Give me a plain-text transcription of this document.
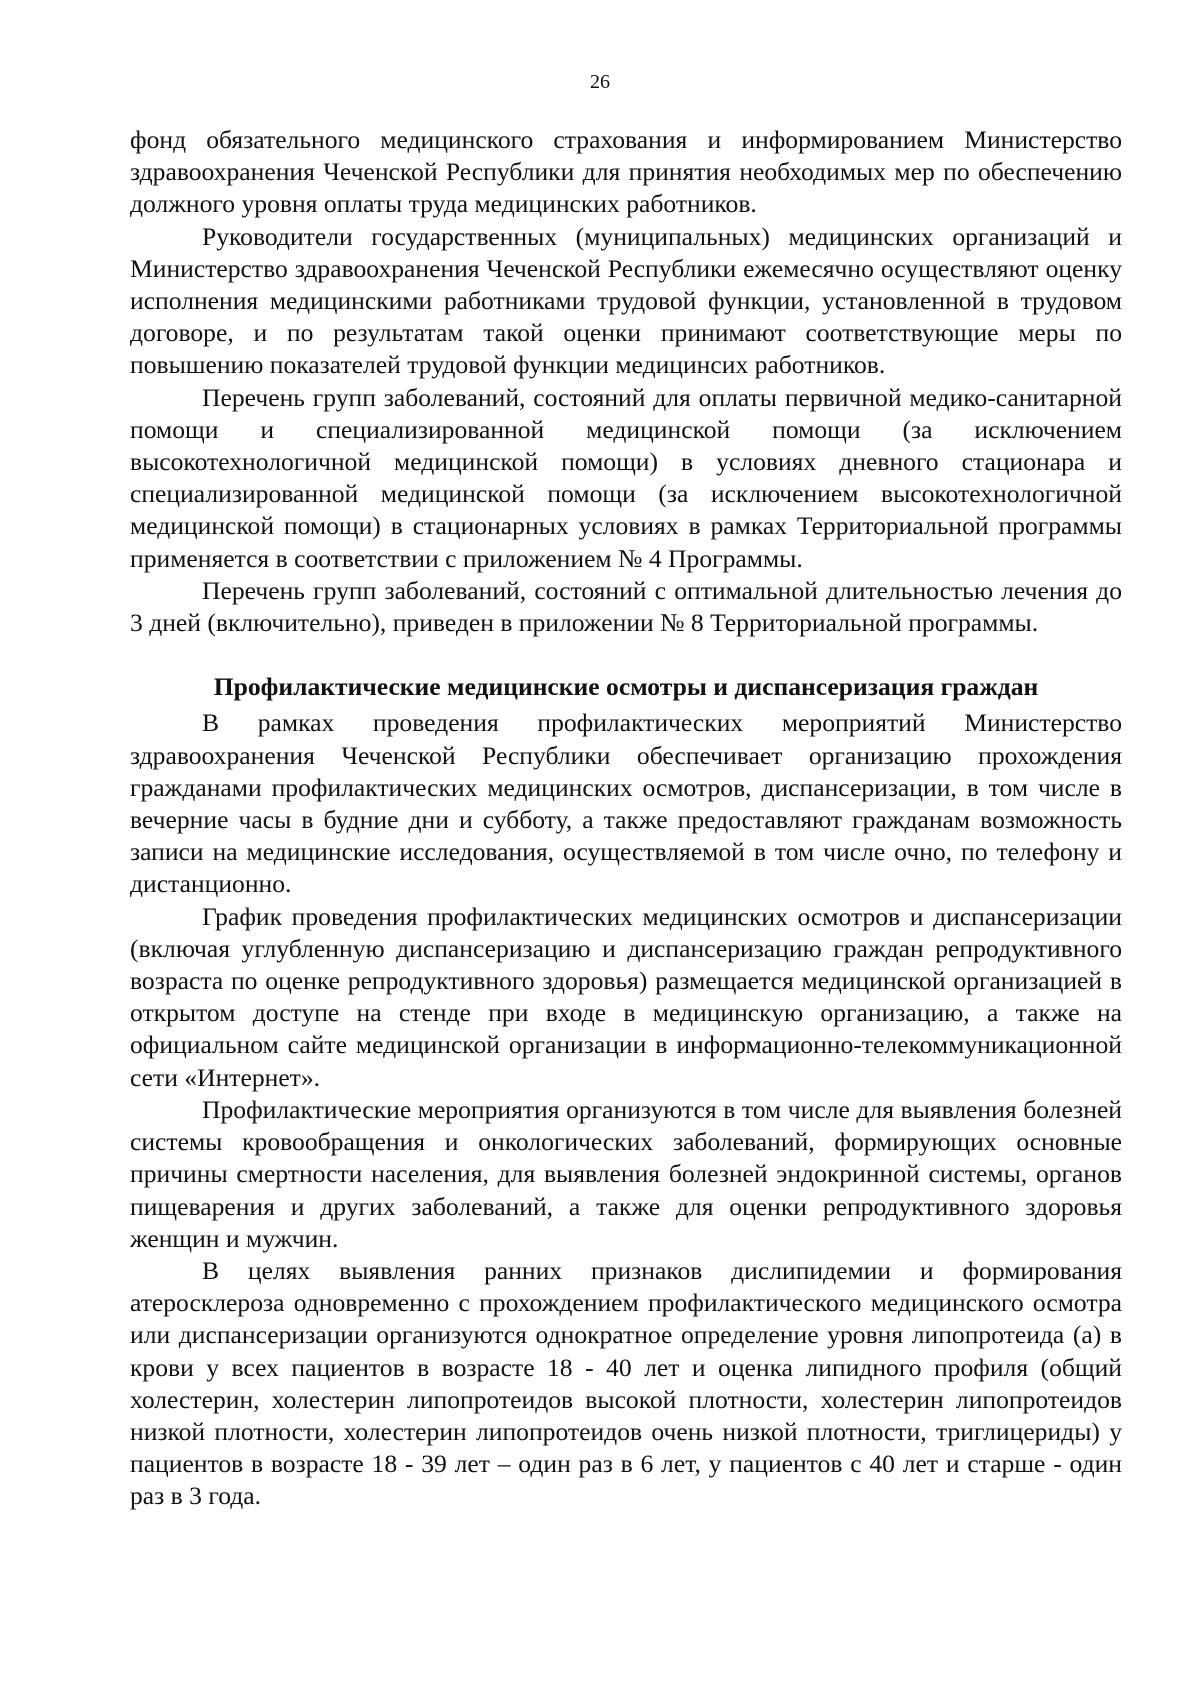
26

фонд обязательного медицинского страхования и информированием Министерство здравоохранения Чеченской Республики для принятия необходимых мер по обеспечению должного уровня оплаты труда медицинских работников.

Руководители государственных (муниципальных) медицинских организаций и Министерство здравоохранения Чеченской Республики ежемесячно осуществляют оценку исполнения медицинскими работниками трудовой функции, установленной в трудовом договоре, и по результатам такой оценки принимают соответствующие меры по повышению показателей трудовой функции медицинсих работников.

Перечень групп заболеваний, состояний для оплаты первичной медико-санитарной помощи и специализированной медицинской помощи (за исключением высокотехнологичной медицинской помощи) в условиях дневного стационара и специализированной медицинской помощи (за исключением высокотехнологичной медицинской помощи) в стационарных условиях в рамках Территориальной программы применяется в соответствии с приложением № 4 Программы.

Перечень групп заболеваний, состояний с оптимальной длительностью лечения до 3 дней (включительно), приведен в приложении № 8 Территориальной программы.

Профилактические медицинские осмотры и диспансеризация граждан

В рамках проведения профилактических мероприятий Министерство здравоохранения Чеченской Республики обеспечивает организацию прохождения гражданами профилактических медицинских осмотров, диспансеризации, в том числе в вечерние часы в будние дни и субботу, а также предоставляют гражданам возможность записи на медицинские исследования, осуществляемой в том числе очно, по телефону и дистанционно.

График проведения профилактических медицинских осмотров и диспансеризации (включая углубленную диспансеризацию и диспансеризацию граждан репродуктивного возраста по оценке репродуктивного здоровья) размещается медицинской организацией в открытом доступе на стенде при входе в медицинскую организацию, а также на официальном сайте медицинской организации в информационно-телекоммуникационной сети «Интернет».

Профилактические мероприятия организуются в том числе для выявления болезней системы кровообращения и онкологических заболеваний, формирующих основные причины смертности населения, для выявления болезней эндокринной системы, органов пищеварения и других заболеваний, а также для оценки репродуктивного здоровья женщин и мужчин.

В целях выявления ранних признаков дислипидемии и формирования атеросклероза одновременно с прохождением профилактического медицинского осмотра или диспансеризации организуются однократное определение уровня липопротеида (а) в крови у всех пациентов в возрасте 18 - 40 лет и оценка липидного профиля (общий холестерин, холестерин липопротеидов высокой плотности, холестерин липопротеидов низкой плотности, холестерин липопротеидов очень низкой плотности, триглицериды) у пациентов в возрасте 18 - 39 лет – один раз в 6 лет, у пациентов с 40 лет и старше - один раз в 3 года.
